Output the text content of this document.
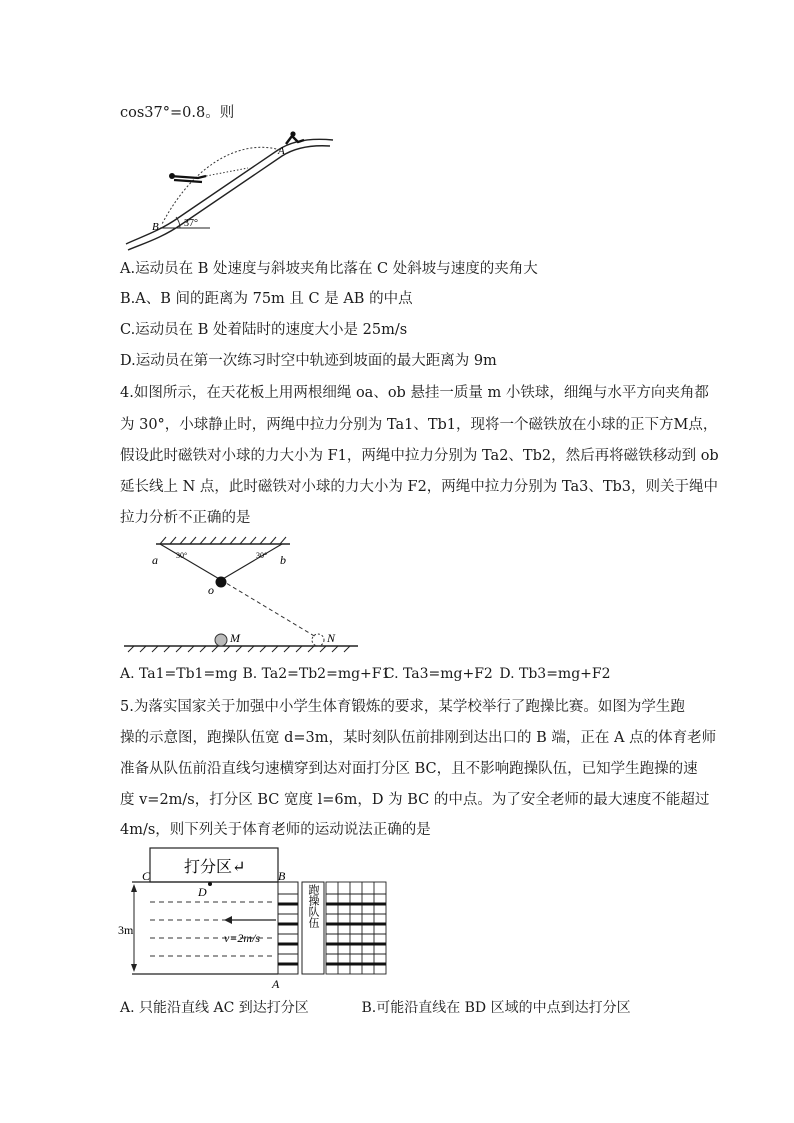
cos37°=0.8。则
A
B	37°
A.运动员在 B 处速度与斜坡夹角比落在 C 处斜坡与速度的夹角大
B.A、B 间的距离为 75m 且 C 是 AB 的中点
C.运动员在 B 处着陆时的速度大小是 25m/s
D.运动员在第一次练习时空中轨迹到坡面的最大距离为 9m
4.如图所示，在天花板上用两根细绳 oa、ob 悬挂一质量 m 小铁球，细绳与水平方向夹角都
为 30°，小球静止时，两绳中拉力分别为 Ta1、Tb1，现将一个磁铁放在小球的正下方M点，
假设此时磁铁对小球的力大小为 F1，两绳中拉力分别为 Ta2、Tb2，然后再将磁铁移动到 ob
延长线上 N 点，此时磁铁对小球的力大小为 F2，两绳中拉力分别为 Ta3、Tb3，则关于绳中
拉力分析不正确的是
a	b
o
M	N
30°	30°
A. Ta1=Tb1=mg B. Ta2=Tb2=mg+F1 C. Ta3=mg+F2 D. Tb3=mg+F2
5.为落实国家关于加强中小学生体育锻炼的要求，某学校举行了跑操比赛。如图为学生跑
操的示意图，跑操队伍宽 d=3m，某时刻队伍前排刚到达出口的 B 端，正在 A 点的体育老师
准备从队伍前沿直线匀速横穿到达对面打分区 BC，且不影响跑操队伍，已知学生跑操的速
度 v=2m/s，打分区 BC 宽度 l=6m，D 为 BC 的中点。为了安全老师的最大速度不能超过
4m/s，则下列关于体育老师的运动说法正确的是
打分区↵
3m
v=2m/s
跑操队伍
C
D
B
A
A. 只能沿直线 AC 到达打分区	B.可能沿直线在 BD 区域的中点到达打分区
